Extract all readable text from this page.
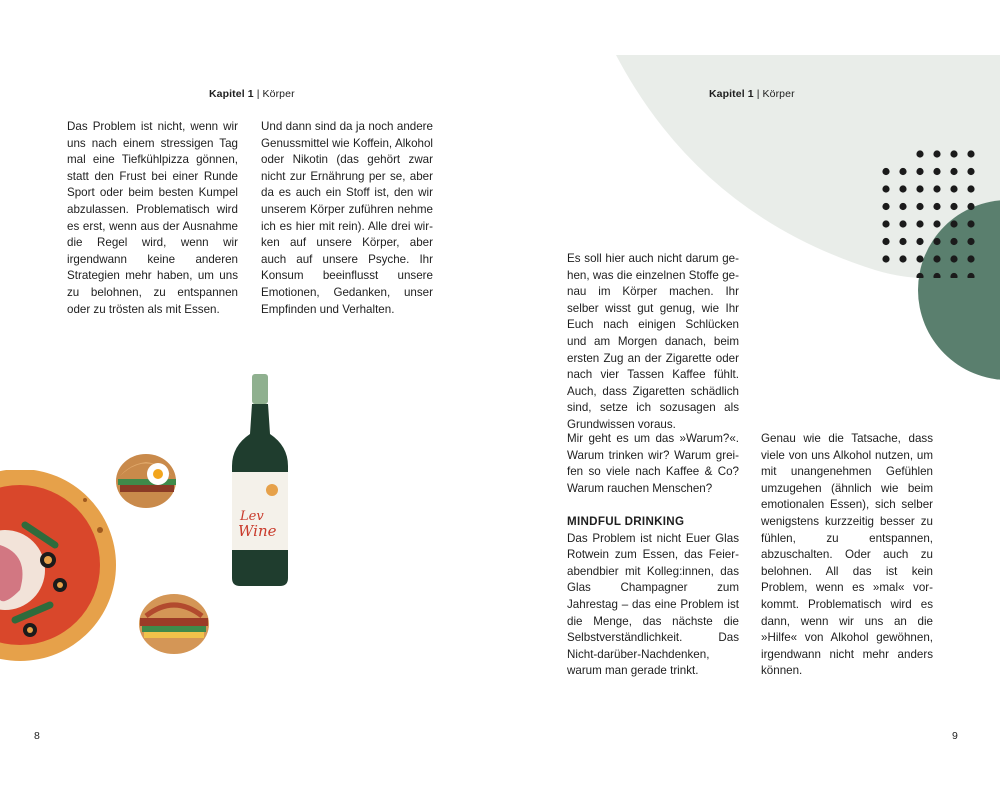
Kapitel 1 | Körper

Das Problem ist nicht, wenn wir uns nach einem stressigen Tag mal eine Tiefkühlpizza gönnen, statt den Frust bei einer Runde Sport oder beim besten Kumpel abzulassen. Problematisch wird es erst, wenn aus der Ausnahme die Regel wird, wenn wir irgendwann keine anderen Strategien mehr haben, um uns zu belohnen, zu entspannen oder zu trösten als mit Essen.

Und dann sind da ja noch andere Genussmittel wie Koffein, Alkohol oder Nikotin (das gehört zwar nicht zur Ernährung per se, aber da es auch ein Stoff ist, den wir unserem Körper zuführen nehme ich es hier mit rein). Alle drei wirken auf unsere Körper, aber auch auf unsere Psyche. Ihr Konsum beeinflusst unsere Emotionen, Gedanken, unser Empfinden und Verhalten.

Lev
Wine
8
Kapitel 1 | Körper

Es soll hier auch nicht darum gehen, was die einzelnen Stoffe genau im Körper machen. Ihr selber wisst gut genug, wie Ihr Euch nach einigen Schlücken und am Morgen danach, beim ersten Zug an der Zigarette oder nach vier Tassen Kaffee fühlt. Auch, dass Zigaretten schädlich sind, setze ich sozusagen als Grundwissen voraus.

Mir geht es um das »Warum?«. Warum trinken wir? Warum greifen so viele nach Kaffee & Co? Warum rauchen Menschen?

MINDFUL DRINKING

Das Problem ist nicht Euer Glas Rotwein zum Essen, das Feierabendbier mit Kolleg:innen, das Glas Champagner zum Jahrestag – das eine Problem ist die Menge, das nächste die Selbstverständlichkeit. Das Nicht-darüber-Nachdenken, warum man gerade trinkt.

Genau wie die Tatsache, dass viele von uns Alkohol nutzen, um mit unangenehmen Gefühlen umzugehen (ähnlich wie beim emotionalen Essen), sich selber wenigstens kurzzeitig besser zu fühlen, zu entspannen, abzuschalten. Oder auch zu belohnen. All das ist kein Problem, wenn es »mal« vorkommt. Problematisch wird es dann, wenn wir uns an die »Hilfe« von Alkohol gewöhnen, irgendwann nicht mehr anders können.

9
